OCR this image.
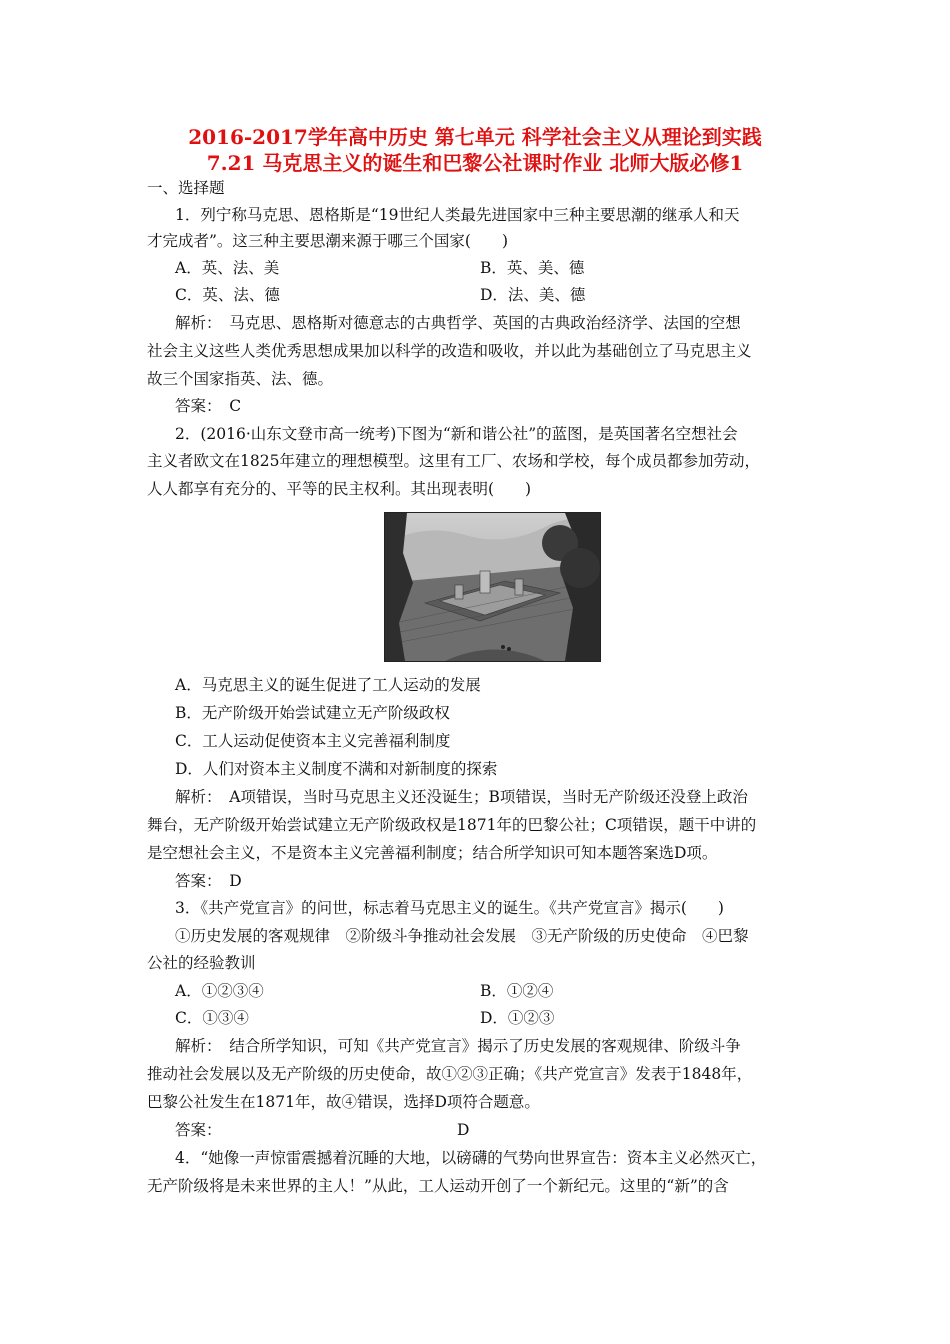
2016-2017学年高中历史 第七单元 科学社会主义从理论到实践
7.21 马克思主义的诞生和巴黎公社课时作业 北师大版必修1
一、选择题
1．列宁称马克思、恩格斯是“19世纪人类最先进国家中三种主要思潮的继承人和天
才完成者”。这三种主要思潮来源于哪三个国家(　　)
A．英、法、美	B．英、美、德
C．英、法、德	D．法、美、德
解析：　马克思、恩格斯对德意志的古典哲学、英国的古典政治经济学、法国的空想
社会主义这些人类优秀思想成果加以科学的改造和吸收，并以此为基础创立了马克思主义
故三个国家指英、法、德。
答案：　C
2．(2016·山东文登市高一统考)下图为“新和谐公社”的蓝图，是英国著名空想社会
主义者欧文在1825年建立的理想模型。这里有工厂、农场和学校，每个成员都参加劳动，
人人都享有充分的、平等的民主权利。其出现表明(　　)
A．马克思主义的诞生促进了工人运动的发展
B．无产阶级开始尝试建立无产阶级政权
C．工人运动促使资本主义完善福利制度
D．人们对资本主义制度不满和对新制度的探索
解析：　A项错误，当时马克思主义还没诞生；B项错误，当时无产阶级还没登上政治
舞台，无产阶级开始尝试建立无产阶级政权是1871年的巴黎公社；C项错误，题干中讲的
是空想社会主义，不是资本主义完善福利制度；结合所学知识可知本题答案选D项。
答案：　D
3．《共产党宣言》的问世，标志着马克思主义的诞生。《共产党宣言》揭示(　　)
①历史发展的客观规律　②阶级斗争推动社会发展　③无产阶级的历史使命　④巴黎
公社的经验教训
A．①②③④	B．①②④
C．①③④	D．①②③
解析：　结合所学知识，可知《共产党宣言》揭示了历史发展的客观规律、阶级斗争
推动社会发展以及无产阶级的历史使命，故①②③正确；《共产党宣言》发表于1848年，
巴黎公社发生在1871年，故④错误，选择D项符合题意。
答案：	D
4．“她像一声惊雷震撼着沉睡的大地，以磅礴的气势向世界宣告：资本主义必然灭亡，
无产阶级将是未来世界的主人！”从此，工人运动开创了一个新纪元。这里的“新”的含
